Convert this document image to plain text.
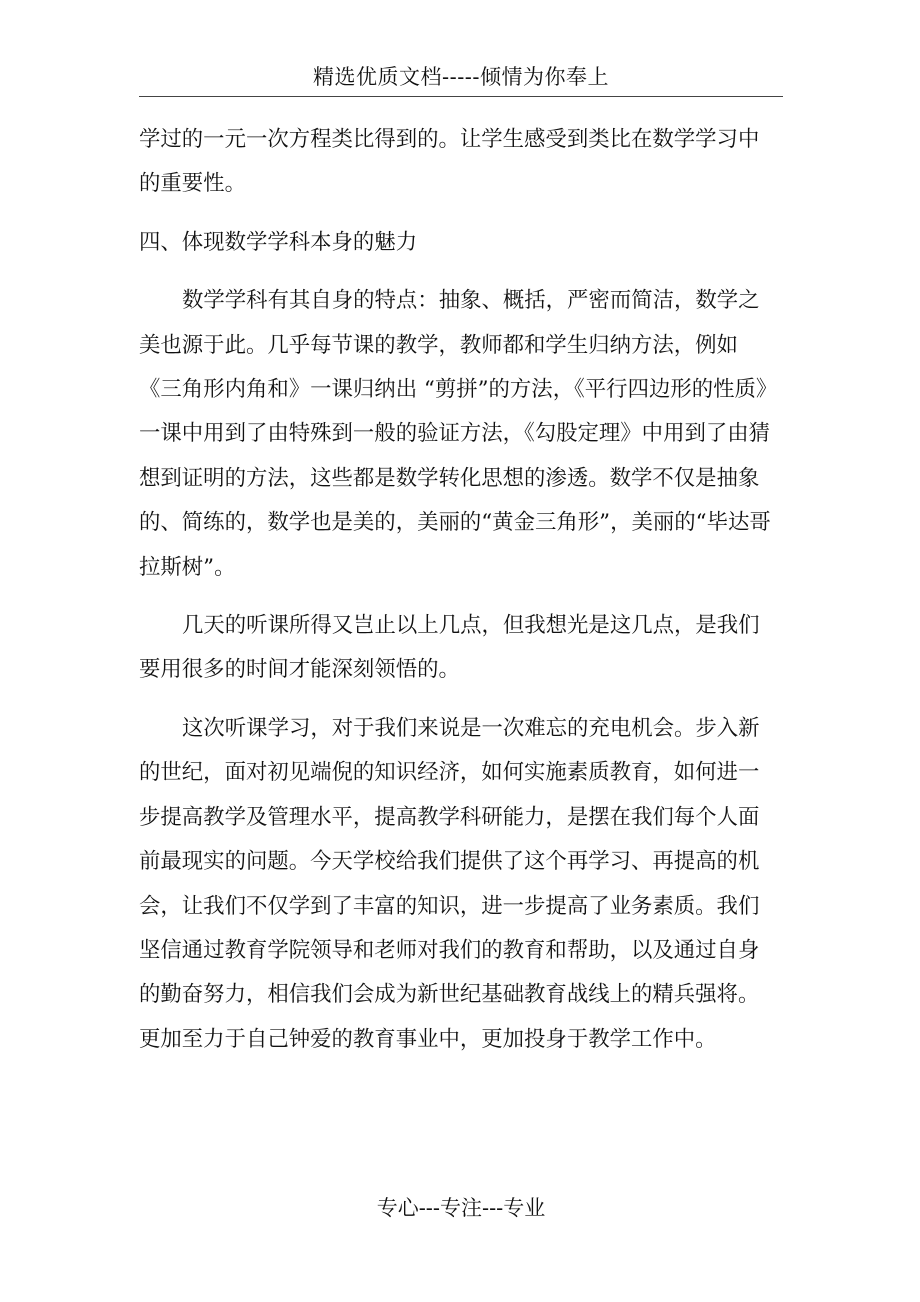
精选优质文档-----倾情为你奉上

学过的一元一次方程类比得到的。让学生感受到类比在数学学习中的重要性。

四、体现数学学科本身的魅力

数学学科有其自身的特点：抽象、概括，严密而简洁，数学之美也源于此。几乎每节课的教学，教师都和学生归纳方法，例如《三角形内角和》一课归纳出 “剪拼”的方法，《平行四边形的性质》一课中用到了由特殊到一般的验证方法，《勾股定理》中用到了由猜想到证明的方法，这些都是数学转化思想的渗透。数学不仅是抽象的、简练的，数学也是美的，美丽的“黄金三角形”，美丽的“毕达哥拉斯树”。

几天的听课所得又岂止以上几点，但我想光是这几点，是我们要用很多的时间才能深刻领悟的。

这次听课学习，对于我们来说是一次难忘的充电机会。步入新的世纪，面对初见端倪的知识经济，如何实施素质教育，如何进一步提高教学及管理水平，提高教学科研能力，是摆在我们每个人面前最现实的问题。今天学校给我们提供了这个再学习、再提高的机会，让我们不仅学到了丰富的知识，进一步提高了业务素质。我们坚信通过教育学院领导和老师对我们的教育和帮助，以及通过自身的勤奋努力，相信我们会成为新世纪基础教育战线上的精兵强将。更加至力于自己钟爱的教育事业中，更加投身于教学工作中。

专心---专注---专业
